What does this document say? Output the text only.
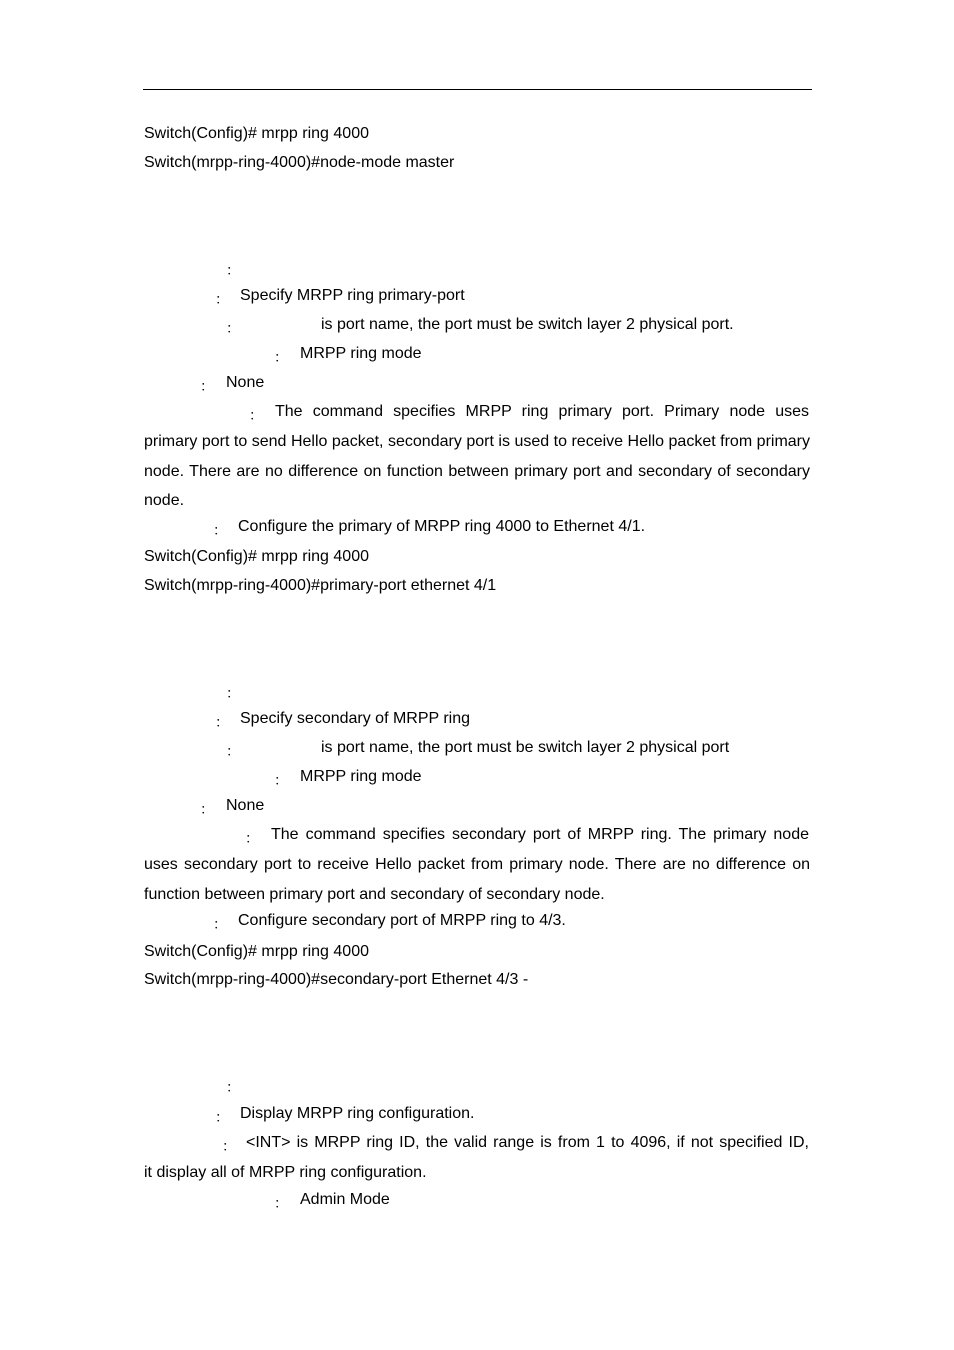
Switch(Config)# mrpp ring 4000
Switch(mrpp-ring-4000)#node-mode master
：
： Specify MRPP ring primary-port
：	is port name, the port must be switch layer 2 physical port.
： MRPP ring mode
： None
： The command specifies MRPP ring primary port. Primary node uses
primary port to send Hello packet, secondary port is used to receive Hello packet from primary node. There are no difference on function between primary port and secondary of secondary node.
： Configure the primary of MRPP ring 4000 to Ethernet 4/1.
Switch(Config)# mrpp ring 4000
Switch(mrpp-ring-4000)#primary-port ethernet 4/1
：
： Specify secondary of MRPP ring
：	is port name, the port must be switch layer 2 physical port
： MRPP ring mode
： None
： The command specifies secondary port of MRPP ring. The primary node
uses secondary port to receive Hello packet from primary node. There are no difference on function between primary port and secondary of secondary node.
： Configure secondary port of MRPP ring to 4/3.
Switch(Config)# mrpp ring 4000
Switch(mrpp-ring-4000)#secondary-port Ethernet 4/3 -
：
： Display MRPP ring configuration.
： <INT> is MRPP ring ID, the valid range is from 1 to 4096, if not specified ID,
it display all of MRPP ring configuration.
： Admin Mode
